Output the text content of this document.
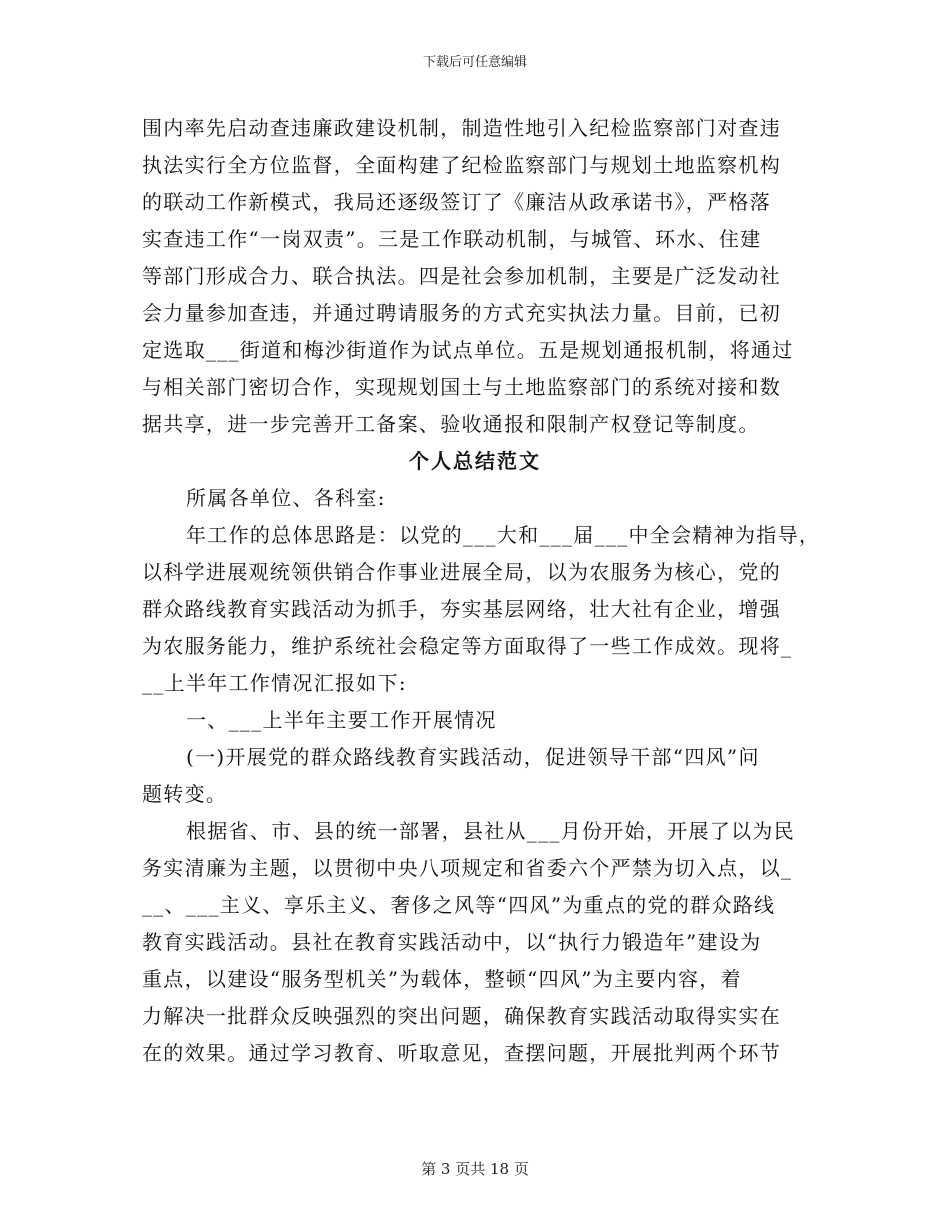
下载后可任意编辑
围内率先启动查违廉政建设机制，制造性地引入纪检监察部门对查违
执法实行全方位监督，全面构建了纪检监察部门与规划土地监察机构
的联动工作新模式，我局还逐级签订了《廉洁从政承诺书》，严格落
实查违工作“一岗双责”。三是工作联动机制，与城管、环水、住建
等部门形成合力、联合执法。四是社会参加机制，主要是广泛发动社
会力量参加查违，并通过聘请服务的方式充实执法力量。目前，已初
定选取___街道和梅沙街道作为试点单位。五是规划通报机制，将通过
与相关部门密切合作，实现规划国土与土地监察部门的系统对接和数
据共享，进一步完善开工备案、验收通报和限制产权登记等制度。
个人总结范文
所属各单位、各科室:
年工作的总体思路是：以党的___大和___届___中全会精神为指导，
以科学进展观统领供销合作事业进展全局，以为农服务为核心，党的
群众路线教育实践活动为抓手，夯实基层网络，壮大社有企业，增强
为农服务能力，维护系统社会稳定等方面取得了一些工作成效。现将_
__上半年工作情况汇报如下:
一、___上半年主要工作开展情况
(一)开展党的群众路线教育实践活动，促进领导干部“四风”问
题转变。
根据省、市、县的统一部署，县社从___月份开始，开展了以为民
务实清廉为主题，以贯彻中央八项规定和省委六个严禁为切入点，以_
__、___主义、享乐主义、奢侈之风等“四风”为重点的党的群众路线
教育实践活动。县社在教育实践活动中，以“执行力锻造年”建设为
重点，以建设“服务型机关”为载体，整顿“四风”为主要内容，着
力解决一批群众反映强烈的突出问题，确保教育实践活动取得实实在
在的效果。通过学习教育、听取意见，查摆问题，开展批判两个环节
第 3 页共 18 页
